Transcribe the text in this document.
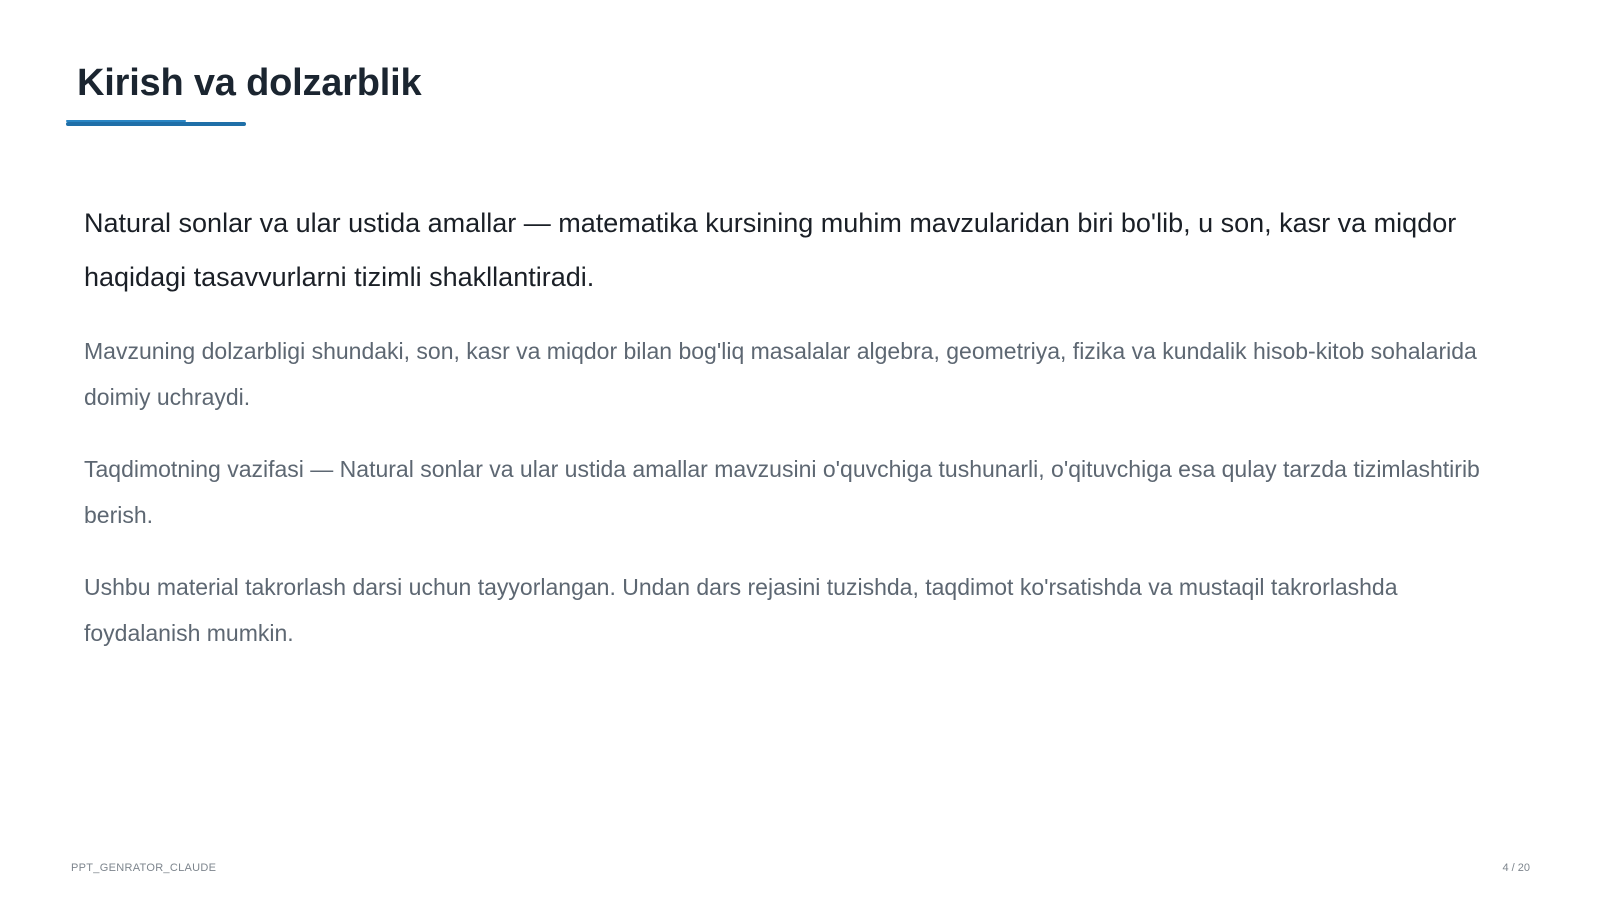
Kirish va dolzarblik

Natural sonlar va ular ustida amallar — matematika kursining muhim mavzularidan biri bo'lib, u son, kasr va miqdor haqidagi tasavvurlarni tizimli shakllantiradi.

Mavzuning dolzarbligi shundaki, son, kasr va miqdor bilan bog'liq masalalar algebra, geometriya, fizika va kundalik hisob-kitob sohalarida doimiy uchraydi.

Taqdimotning vazifasi — Natural sonlar va ular ustida amallar mavzusini o'quvchiga tushunarli, o'qituvchiga esa qulay tarzda tizimlashtirib berish.

Ushbu material takrorlash darsi uchun tayyorlangan. Undan dars rejasini tuzishda, taqdimot ko'rsatishda va mustaqil takrorlashda foydalanish mumkin.

PPT_GENRATOR_CLAUDE	4 / 20
